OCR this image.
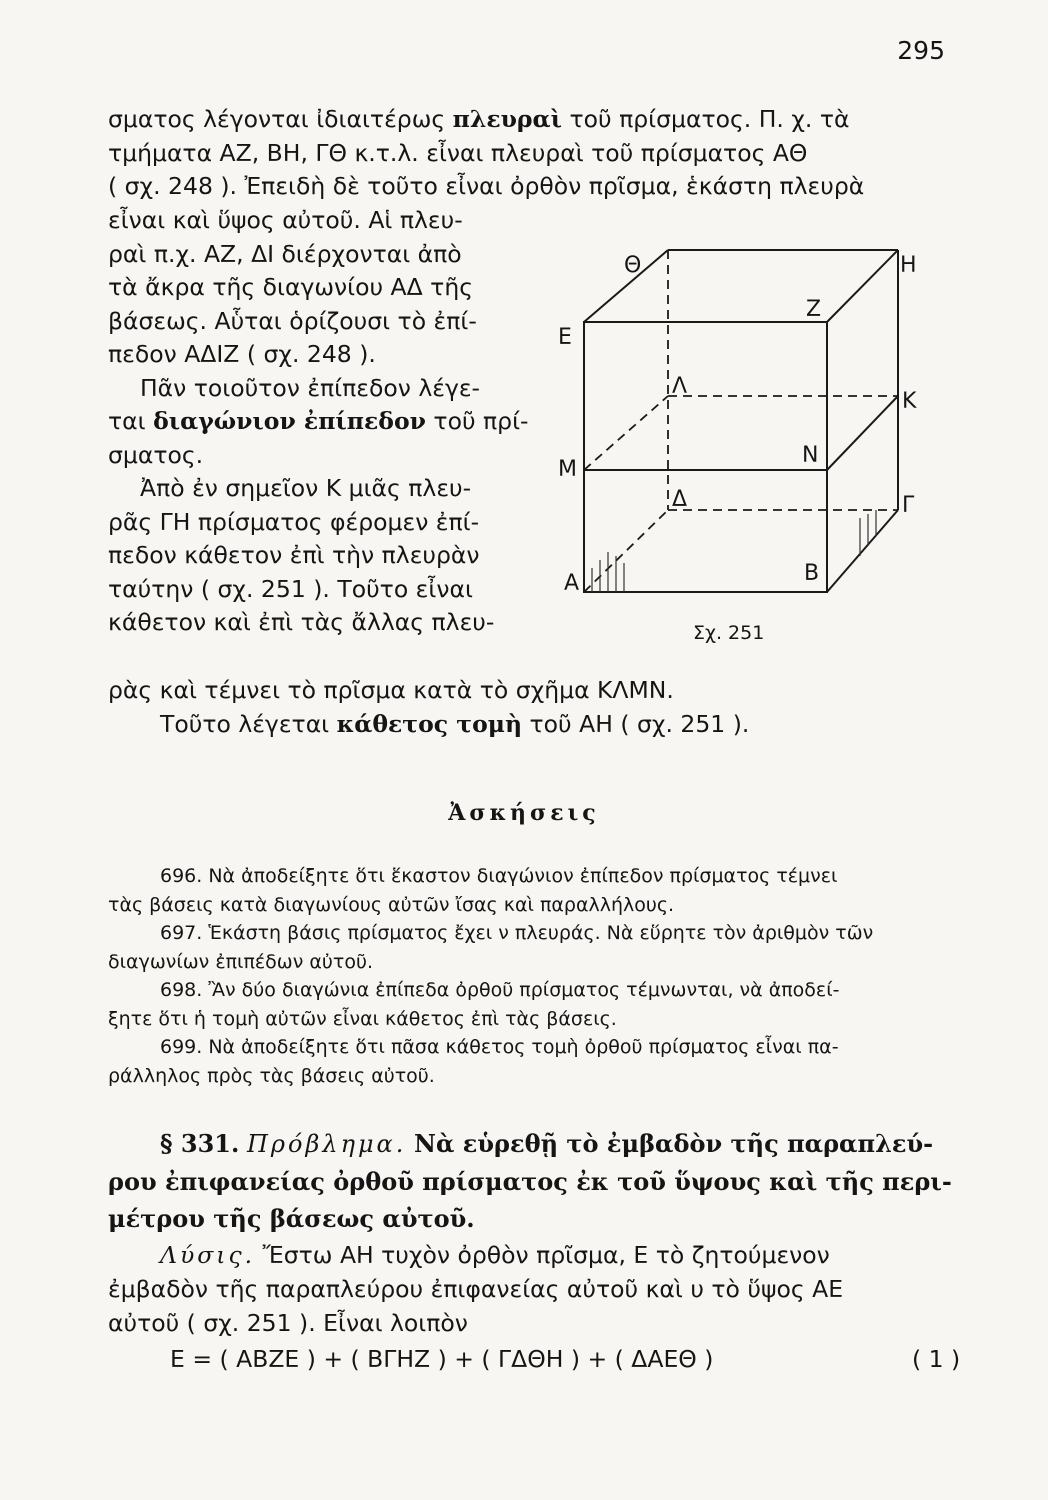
295
σματος λέγονται ἰδιαιτέρως πλευραὶ τοῦ πρίσματος. Π. χ. τὰ
τμήματα ΑΖ, ΒΗ, ΓΘ κ.τ.λ. εἶναι πλευραὶ τοῦ πρίσματος ΑΘ
( σχ. 248 ). Ἐπειδὴ δὲ τοῦτο εἶναι ὀρθὸν πρῖσμα, ἑκάστη πλευρὰ
εἶναι καὶ ὕψος αὐτοῦ. Αἱ πλευ-
ραὶ π.χ. ΑΖ, ΔΙ διέρχονται ἀπὸ
τὰ ἄκρα τῆς διαγωνίου ΑΔ τῆς
βάσεως. Αὗται ὁρίζουσι τὸ ἐπί-
πεδον ΑΔΙΖ ( σχ. 248 ).
Πᾶν τοιοῦτον ἐπίπεδον λέγε-
ται διαγώνιον ἐπίπεδον τοῦ πρί-
σματος.
Ἀπὸ ἐν σημεῖον Κ μιᾶς πλευ-
ρᾶς ΓΗ πρίσματος φέρομεν ἐπί-
πεδον κάθετον ἐπὶ τὴν πλευρὰν
ταύτην ( σχ. 251 ). Τοῦτο εἶναι
κάθετον καὶ ἐπὶ τὰς ἄλλας πλευ-
ρὰς καὶ τέμνει τὸ πρῖσμα κατὰ τὸ σχῆμα ΚΛΜΝ.
Τοῦτο λέγεται κάθετος τομὴ τοῦ ΑΗ ( σχ. 251 ).
Θ	Η
Ε
Ζ
Λ
Κ
Μ
Ν
Δ	Γ
Α	Β
Σχ. 251
Ἀσκήσεις
696. Νὰ ἀποδείξητε ὅτι ἕκαστον διαγώνιον ἐπίπεδον πρίσματος τέμνει
τὰς βάσεις κατὰ διαγωνίους αὐτῶν ἴσας καὶ παραλλήλους.
697. Ἑκάστη βάσις πρίσματος ἔχει ν πλευράς. Νὰ εὕρητε τὸν ἀριθμὸν τῶν
διαγωνίων ἐπιπέδων αὐτοῦ.
698. Ἂν δύο διαγώνια ἐπίπεδα ὀρθοῦ πρίσματος τέμνωνται, νὰ ἀποδεί-
ξητε ὅτι ἡ τομὴ αὐτῶν εἶναι κάθετος ἐπὶ τὰς βάσεις.
699. Νὰ ἀποδείξητε ὅτι πᾶσα κάθετος τομὴ ὀρθοῦ πρίσματος εἶναι πα-
ράλληλος πρὸς τὰς βάσεις αὐτοῦ.
§ 331. Πρόβλημα. Νὰ εὑρεθῇ τὸ ἐμβαδὸν τῆς παραπλεύ-
ρου ἐπιφανείας ὀρθοῦ πρίσματος ἐκ τοῦ ὕψους καὶ τῆς περι-
μέτρου τῆς βάσεως αὐτοῦ.
Λύσις. Ἔστω ΑΗ τυχὸν ὀρθὸν πρῖσμα, Ε τὸ ζητούμενον
ἐμβαδὸν τῆς παραπλεύρου ἐπιφανείας αὐτοῦ καὶ υ τὸ ὕψος ΑΕ
αὐτοῦ ( σχ. 251 ). Εἶναι λοιπὸν
Ε = ( ΑΒΖΕ ) + ( ΒΓΗΖ ) + ( ΓΔΘΗ ) + ( ΔΑΕΘ )	( 1 )
